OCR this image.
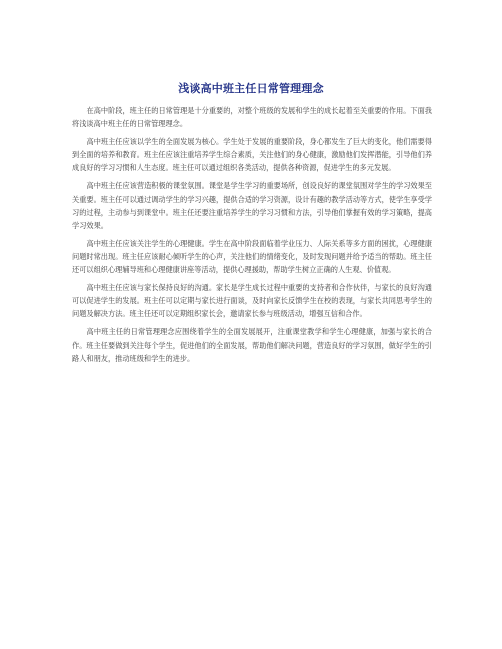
浅谈高中班主任日常管理理念

在高中阶段，班主任的日常管理是十分重要的，对整个班级的发展和学生的成长起着至关重要的作用。下面我将浅谈高中班主任的日常管理理念。

高中班主任应该以学生的全面发展为核心。学生处于发展的重要阶段，身心都发生了巨大的变化，他们需要得到全面的培养和教育。班主任应该注重培养学生综合素质，关注他们的身心健康，激励他们发挥潜能，引导他们养成良好的学习习惯和人生态度。班主任可以通过组织各类活动，提供各种资源，促进学生的多元发展。

高中班主任应该营造积极的课堂氛围。课堂是学生学习的重要场所，创设良好的课堂氛围对学生的学习效果至关重要。班主任可以通过调动学生的学习兴趣，提供合适的学习资源，设计有趣的教学活动等方式，使学生享受学习的过程，主动参与到课堂中。班主任还要注重培养学生的学习习惯和方法，引导他们掌握有效的学习策略，提高学习效果。

高中班主任应该关注学生的心理健康。学生在高中阶段面临着学业压力、人际关系等多方面的困扰，心理健康问题时常出现。班主任应该耐心倾听学生的心声，关注他们的情绪变化，及时发现问题并给予适当的帮助。班主任还可以组织心理辅导班和心理健康讲座等活动，提供心理援助，帮助学生树立正确的人生观、价值观。

高中班主任应该与家长保持良好的沟通。家长是学生成长过程中重要的支持者和合作伙伴，与家长的良好沟通可以促进学生的发展。班主任可以定期与家长进行面谈，及时向家长反馈学生在校的表现，与家长共同思考学生的问题及解决方法。班主任还可以定期组织家长会，邀请家长参与班级活动，增强互信和合作。

高中班主任的日常管理理念应围绕着学生的全面发展展开，注重课堂教学和学生心理健康，加强与家长的合作。班主任要做到关注每个学生，促进他们的全面发展，帮助他们解决问题，营造良好的学习氛围，做好学生的引路人和朋友，推动班级和学生的进步。
